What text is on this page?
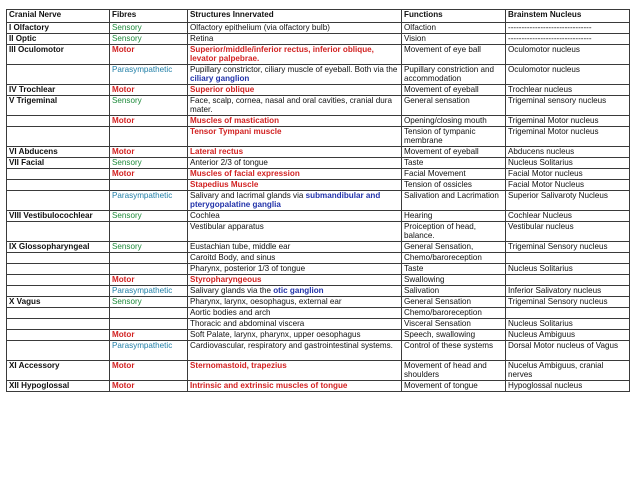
Cranial Nerve	Fibres	Structures Innervated	Functions	Brainstem Nucleus
I Olfactory	Sensory	Olfactory epithelium (via olfactory bulb)	Olfaction	-------------------------------
II Optic	Sensory	Retina	Vision	-------------------------------
III Oculomotor	Motor	Superior/middle/inferior rectus, inferior oblique, levator palpebrae.	Movement of eye ball	Oculomotor nucleus
	Parasympathetic	Pupillary constrictor, ciliary muscle of eyeball. Both via the ciliary ganglion	Pupillary constriction and accommodation	Oculomotor nucleus
IV Trochlear	Motor	Superior oblique	Movement of eyeball	Trochlear nucleus
V Trigeminal	Sensory	Face, scalp, cornea, nasal and oral cavities, cranial dura mater.	General sensation	Trigeminal sensory nucleus
	Motor	Muscles of mastication	Opening/closing mouth	Trigeminal Motor nucleus
		Tensor Tympani muscle	Tension of tympanic membrane	Trigeminal Motor nucleus
VI Abducens	Motor	Lateral rectus	Movement of eyeball	Abducens nucleus
VII Facial	Sensory	Anterior 2/3 of tongue	Taste	Nucleus Solitarius
	Motor	Muscles of facial expression	Facial Movement	Facial Motor nucleus
		Stapedius Muscle	Tension of ossicles	Facial Motor Nucleus
	Parasympathetic	Salivary and lacrimal glands via submandibular and pterygopalatine ganglia	Salivation and Lacrimation	Superior Salivaroty Nucleus
VIII Vestibulocochlear	Sensory	Cochlea	Hearing	Cochlear Nucleus
		Vestibular apparatus	Proiception of head, balance.	Vestibular nucleus
IX Glossopharyngeal	Sensory	Eustachian tube, middle ear	General Sensation,	Trigeminal Sensory nucleus
		Caroitd Body, and sinus	Chemo/baroreception	
		Pharynx, posterior 1/3 of tongue	Taste	Nucleus Solitarius
	Motor	Styropharyngeous	Swallowing	
	Parasympathetic	Salivary glands via the otic ganglion	Salivation	Inferior Salivatory nucleus
X Vagus	Sensory	Pharynx, larynx, oesophagus, external ear	General Sensation	Trigeminal Sensory nucleus
		Aortic bodies and arch	Chemo/baroreception	
		Thoracic and abdominal viscera	Visceral Sensation	Nucleus Solitarius
	Motor	Soft Palate, larynx, pharynx, upper oesophagus	Speech, swallowing	Nucleus Ambiguus
	Parasympathetic	Cardiovascular, respiratory and gastrointestinal systems.	Control of these systems	Dorsal Motor nucleus of Vagus
XI Accessory	Motor	Sternomastoid, trapezius	Movement of head and shoulders	Nucelus Ambiguus, cranial nerves
XII Hypoglossal	Motor	Intrinsic and extrinsic muscles of tongue	Movement of tongue	Hypoglossal nucleus
